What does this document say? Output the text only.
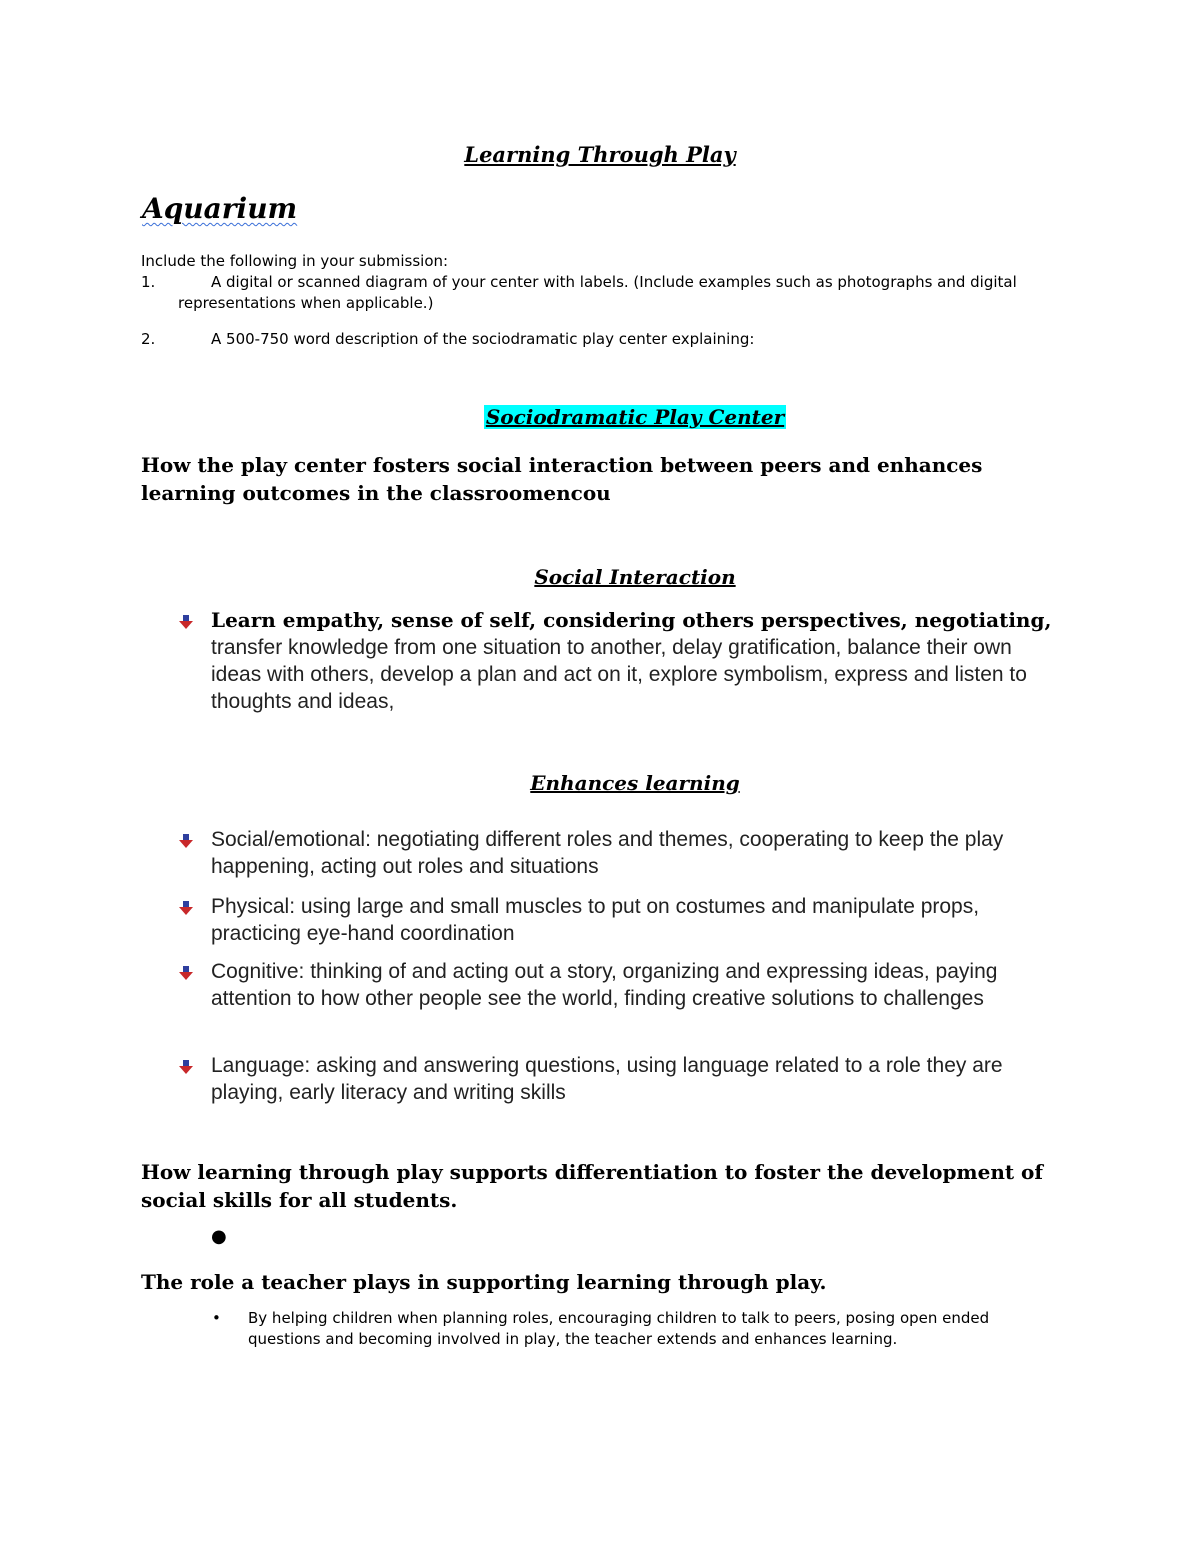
Learning Through Play
Aquarium
Include the following in your submission:
1.	A digital or scanned diagram of your center with labels. (Include examples such as photographs and digital
representations when applicable.)
2.	A 500-750 word description of the sociodramatic play center explaining:
Sociodramatic Play Center
How the play center fosters social interaction between peers and enhances learning outcomes in the classroomencou
Social Interaction
Learn empathy, sense of self, considering others perspectives, negotiating,
transfer knowledge from one situation to another, delay gratification, balance their own ideas with others, develop a plan and act on it, explore symbolism, express and listen to thoughts and ideas,
Enhances learning
Social/emotional: negotiating different roles and themes, cooperating to keep the play happening, acting out roles and situations
Physical: using large and small muscles to put on costumes and manipulate props, practicing eye-hand coordination
Cognitive: thinking of and acting out a story, organizing and expressing ideas, paying attention to how other people see the world, finding creative solutions to challenges
Language: asking and answering questions, using language related to a role they are playing, early literacy and writing skills
How learning through play supports differentiation to foster the development of social skills for all students.
●
The role a teacher plays in supporting learning through play.
• By helping children when planning roles, encouraging children to talk to peers, posing open ended questions and becoming involved in play, the teacher extends and enhances learning.
